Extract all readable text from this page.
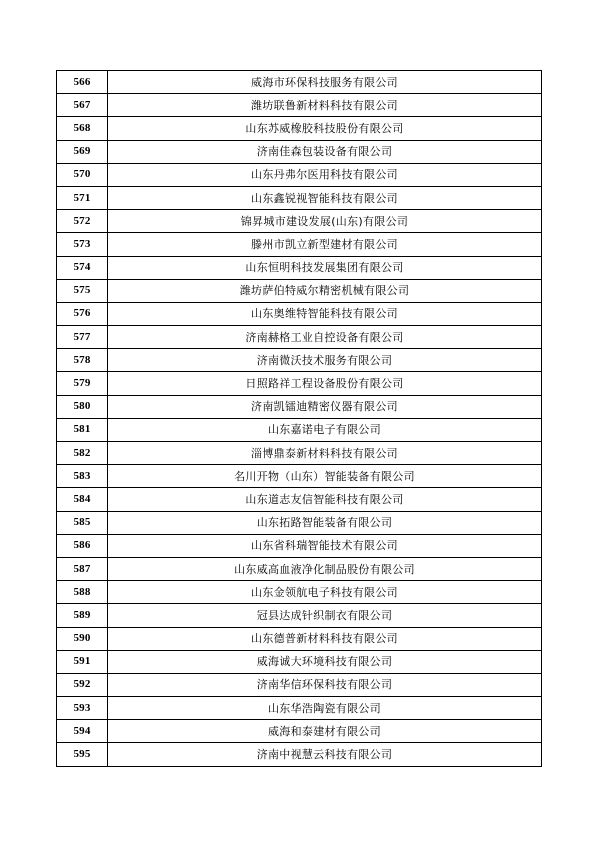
566	威海市环保科技服务有限公司
567	潍坊联鲁新材料科技有限公司
568	山东苏威橡胶科技股份有限公司
569	济南佳森包装设备有限公司
570	山东丹弗尔医用科技有限公司
571	山东鑫锐视智能科技有限公司
572	锦昇城市建设发展(山东)有限公司
573	滕州市凯立新型建材有限公司
574	山东恒明科技发展集团有限公司
575	潍坊萨伯特威尔精密机械有限公司
576	山东奥维特智能科技有限公司
577	济南赫格工业自控设备有限公司
578	济南微沃技术服务有限公司
579	日照路祥工程设备股份有限公司
580	济南凯镭迪精密仪器有限公司
581	山东嘉诺电子有限公司
582	淄博鼎泰新材料科技有限公司
583	名川开物（山东）智能装备有限公司
584	山东道志友信智能科技有限公司
585	山东拓路智能装备有限公司
586	山东省科瑞智能技术有限公司
587	山东威高血液净化制品股份有限公司
588	山东金领航电子科技有限公司
589	冠县达成针织制衣有限公司
590	山东德普新材料科技有限公司
591	威海诚大环境科技有限公司
592	济南华信环保科技有限公司
593	山东华浩陶瓷有限公司
594	威海和泰建材有限公司
595	济南中视慧云科技有限公司
